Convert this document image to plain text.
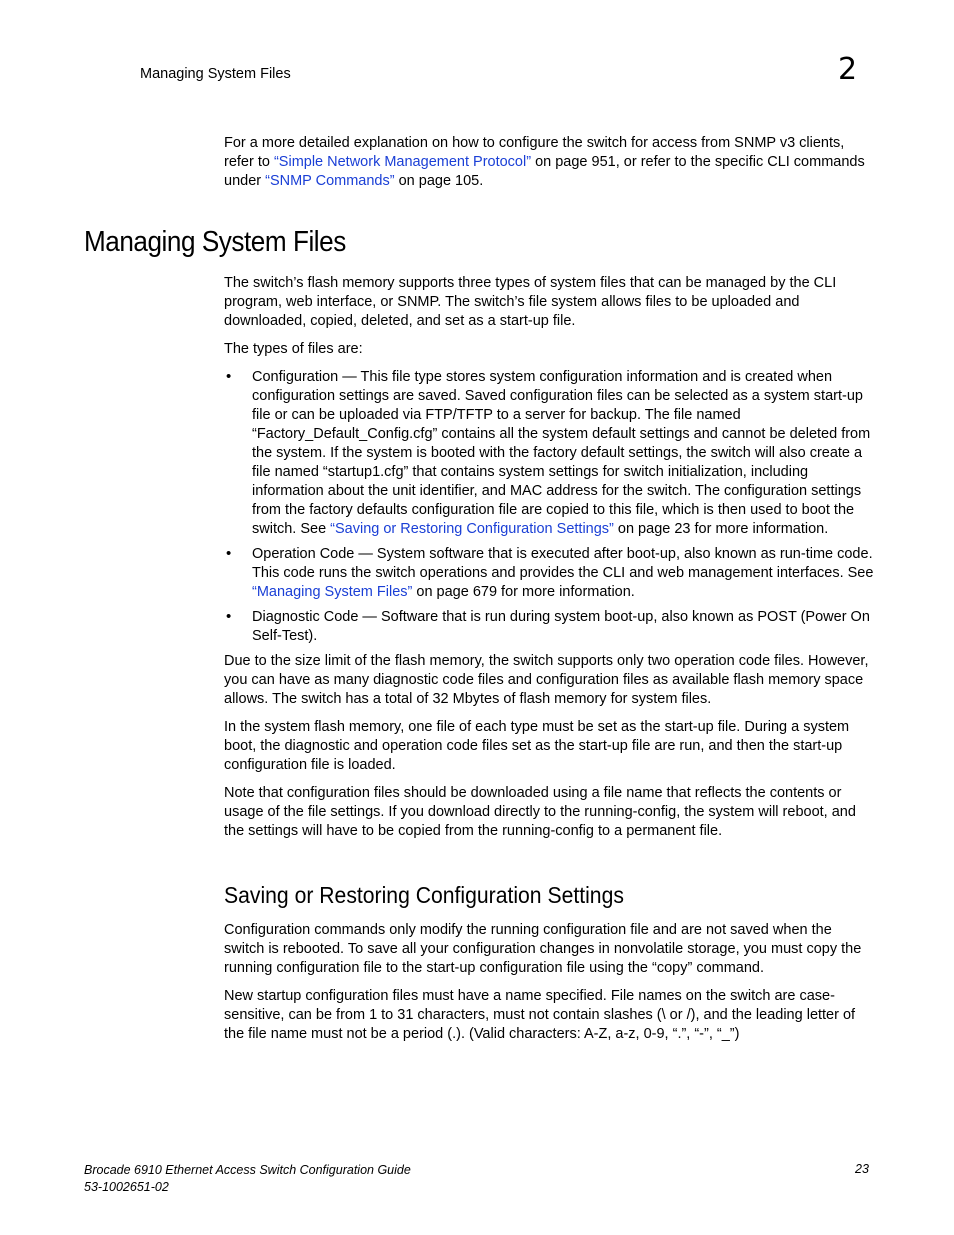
Managing System Files	2

For a more detailed explanation on how to configure the switch for access from SNMP v3 clients, refer to “Simple Network Management Protocol” on page 951, or refer to the specific CLI commands under “SNMP Commands” on page 105.

Managing System Files

The switch’s flash memory supports three types of system files that can be managed by the CLI program, web interface, or SNMP. The switch’s file system allows files to be uploaded and downloaded, copied, deleted, and set as a start-up file.

The types of files are:

• Configuration — This file type stores system configuration information and is created when configuration settings are saved. Saved configuration files can be selected as a system start-up file or can be uploaded via FTP/TFTP to a server for backup. The file named “Factory_Default_Config.cfg” contains all the system default settings and cannot be deleted from the system. If the system is booted with the factory default settings, the switch will also create a file named “startup1.cfg” that contains system settings for switch initialization, including information about the unit identifier, and MAC address for the switch. The configuration settings from the factory defaults configuration file are copied to this file, which is then used to boot the switch. See “Saving or Restoring Configuration Settings” on page 23 for more information.
• Operation Code — System software that is executed after boot-up, also known as run-time code. This code runs the switch operations and provides the CLI and web management interfaces. See “Managing System Files” on page 679 for more information.
• Diagnostic Code — Software that is run during system boot-up, also known as POST (Power On Self-Test).

Due to the size limit of the flash memory, the switch supports only two operation code files. However, you can have as many diagnostic code files and configuration files as available flash memory space allows. The switch has a total of 32 Mbytes of flash memory for system files.

In the system flash memory, one file of each type must be set as the start-up file. During a system boot, the diagnostic and operation code files set as the start-up file are run, and then the start-up configuration file is loaded.

Note that configuration files should be downloaded using a file name that reflects the contents or usage of the file settings. If you download directly to the running-config, the system will reboot, and the settings will have to be copied from the running-config to a permanent file.

Saving or Restoring Configuration Settings

Configuration commands only modify the running configuration file and are not saved when the switch is rebooted. To save all your configuration changes in nonvolatile storage, you must copy the running configuration file to the start-up configuration file using the “copy” command.

New startup configuration files must have a name specified. File names on the switch are case-sensitive, can be from 1 to 31 characters, must not contain slashes (\ or /), and the leading letter of the file name must not be a period (.). (Valid characters: A-Z, a-z, 0-9, “.”, “-”, “_”)

Brocade 6910 Ethernet Access Switch Configuration Guide
53-1002651-02
23
